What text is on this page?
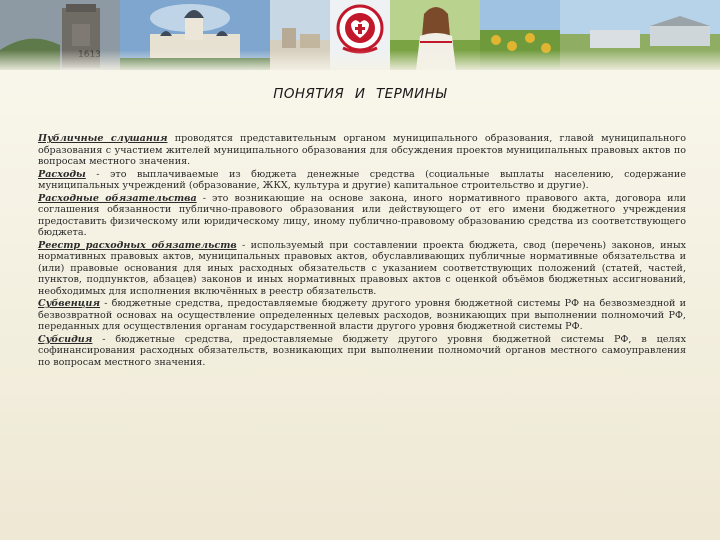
ПОНЯТИЯ И ТЕРМИНЫ

Публичные слушания проводятся представительным органом муниципального образования, главой муниципального образования с участием жителей муниципального образования для обсуждения проектов муниципальных правовых актов по вопросам местного значения.

Расходы - это выплачиваемые из бюджета денежные средства (социальные выплаты населению, содержание муниципальных учреждений (образование, ЖКХ, культура и другие) капитальное строительство и другие).

Расходные обязательства - это возникающие на основе закона, иного нормативного правового акта, договора или соглашения обязанности публично-правового образования или действующего от его имени бюджетного учреждения предоставить физическому или юридическому лицу, иному публично-правовому образованию средства из соответствующего бюджета.

Реестр расходных обязательств - используемый при составлении проекта бюджета, свод (перечень) законов, иных нормативных правовых актов, муниципальных правовых актов, обуславливающих публичные нормативные обязательства и (или) правовые основания для иных расходных обязательств с указанием соответствующих положений (статей, частей, пунктов, подпунктов, абзацев) законов и иных нормативных правовых актов с оценкой объёмов бюджетных ассигнований, необходимых для исполнения включённых в реестр обязательств.

Субвенция - бюджетные средства, предоставляемые бюджету другого уровня бюджетной системы РФ на безвозмездной и безвозвратной основах на осуществление определенных целевых расходов, возникающих при выполнении полномочий РФ, переданных для осуществления органам государственной власти другого уровня бюджетной системы РФ.

Субсидия - бюджетные средства, предоставляемые бюджету другого уровня бюджетной системы РФ, в целях софинансирования расходных обязательств, возникающих при выполнении полномочий органов местного самоуправления по вопросам местного значения.
